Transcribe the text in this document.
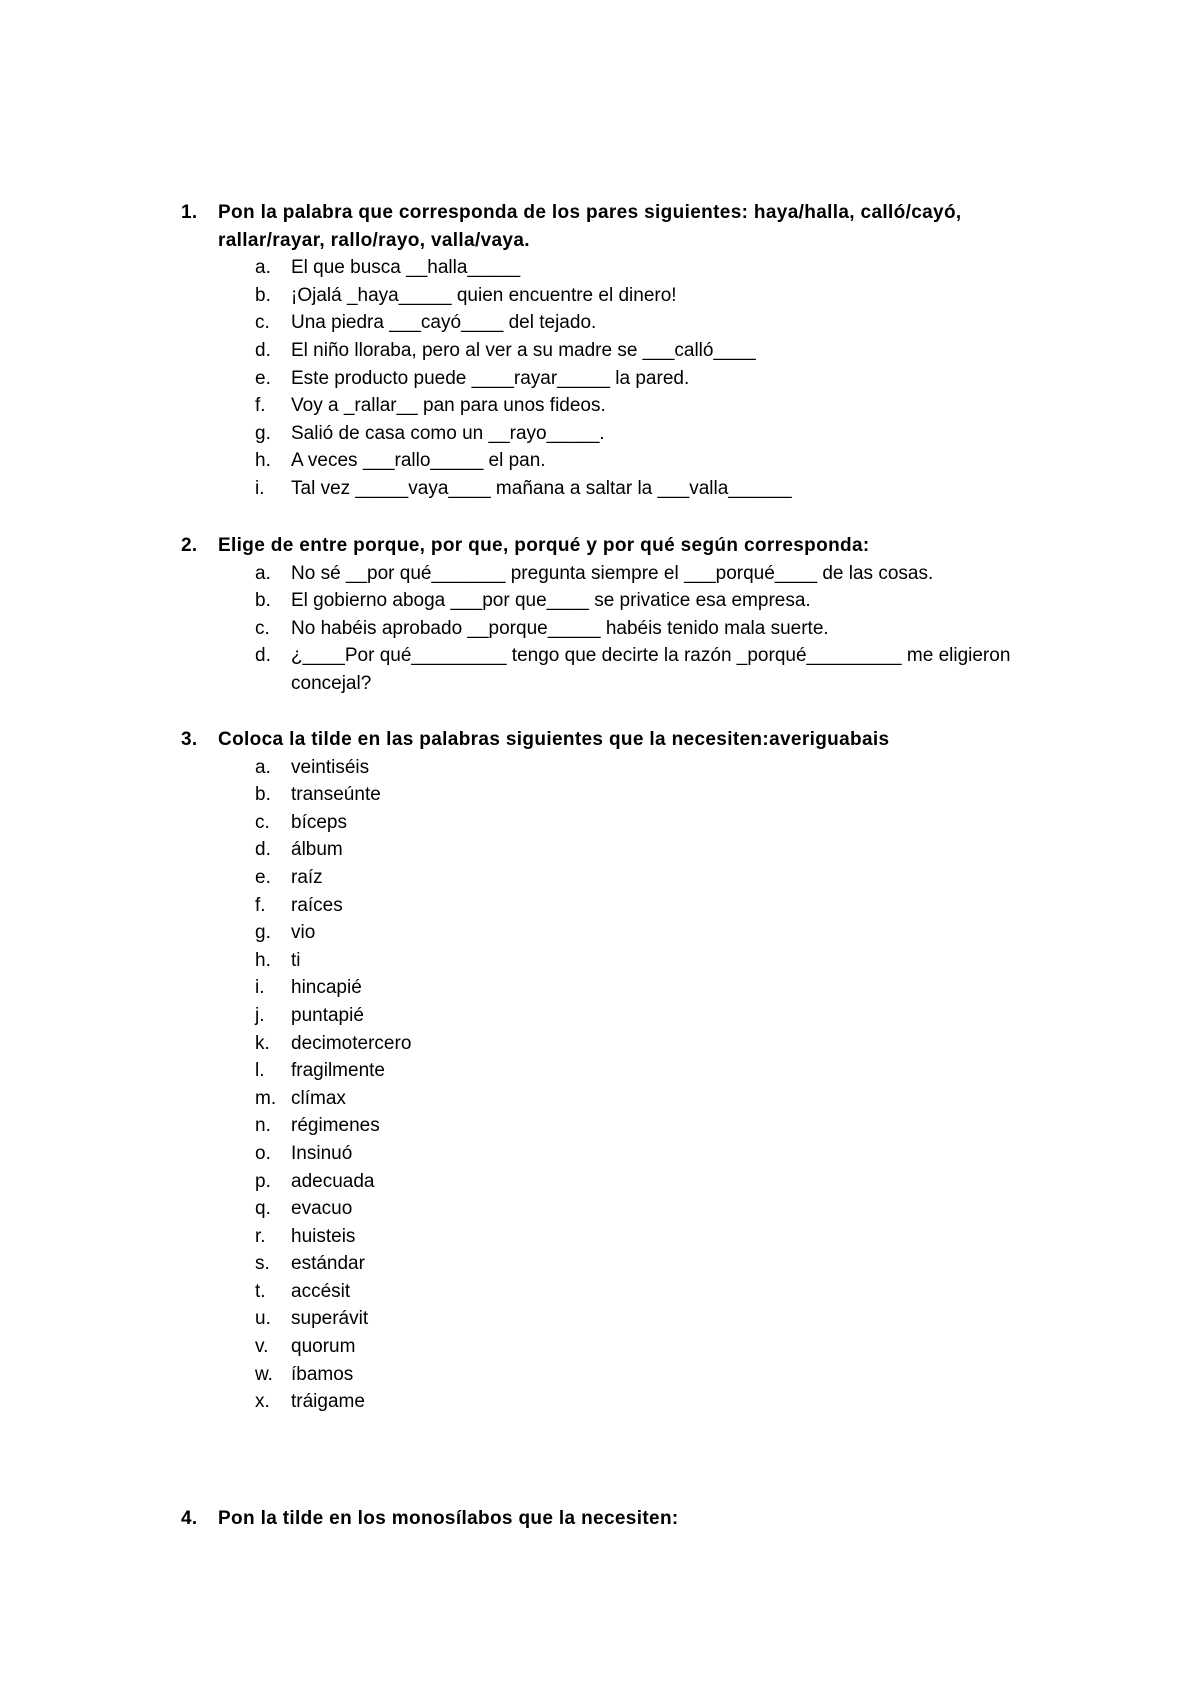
1. Pon la palabra que corresponda de los pares siguientes: haya/halla, calló/cayó, rallar/rayar, rallo/rayo, valla/vaya.
a. El que busca __halla_____
b. ¡Ojalá _haya_____ quien encuentre el dinero!
c. Una piedra ___cayó____ del tejado.
d. El niño lloraba, pero al ver a su madre se ___calló____
e. Este producto puede ____rayar_____ la pared.
f. Voy a _rallar__ pan para unos fideos.
g. Salió de casa como un __rayo_____.
h. A veces ___rallo_____ el pan.
i. Tal vez _____vaya____ mañana a saltar la ___valla______
2. Elige de entre porque, por que, porqué y por qué según corresponda:
a. No sé __por qué_______ pregunta siempre el ___porqué____ de las cosas.
b. El gobierno aboga ___por que____ se privatice esa empresa.
c. No habéis aprobado __porque_____ habéis tenido mala suerte.
d. ¿____Por qué_________ tengo que decirte la razón _porqué_________ me eligieron concejal?
3. Coloca la tilde en las palabras siguientes que la necesiten:averiguabais
a. veintiséis
b. transeúnte
c. bíceps
d. álbum
e. raíz
f. raíces
g. vio
h. ti
i. hincapié
j. puntapié
k. decimotercero
l. fragilmente
m. clímax
n. régimenes
o. Insinuó
p. adecuada
q. evacuo
r. huisteis
s. estándar
t. accésit
u. superávit
v. quorum
w. íbamos
x. tráigame
4. Pon la tilde en los monosílabos que la necesiten:
